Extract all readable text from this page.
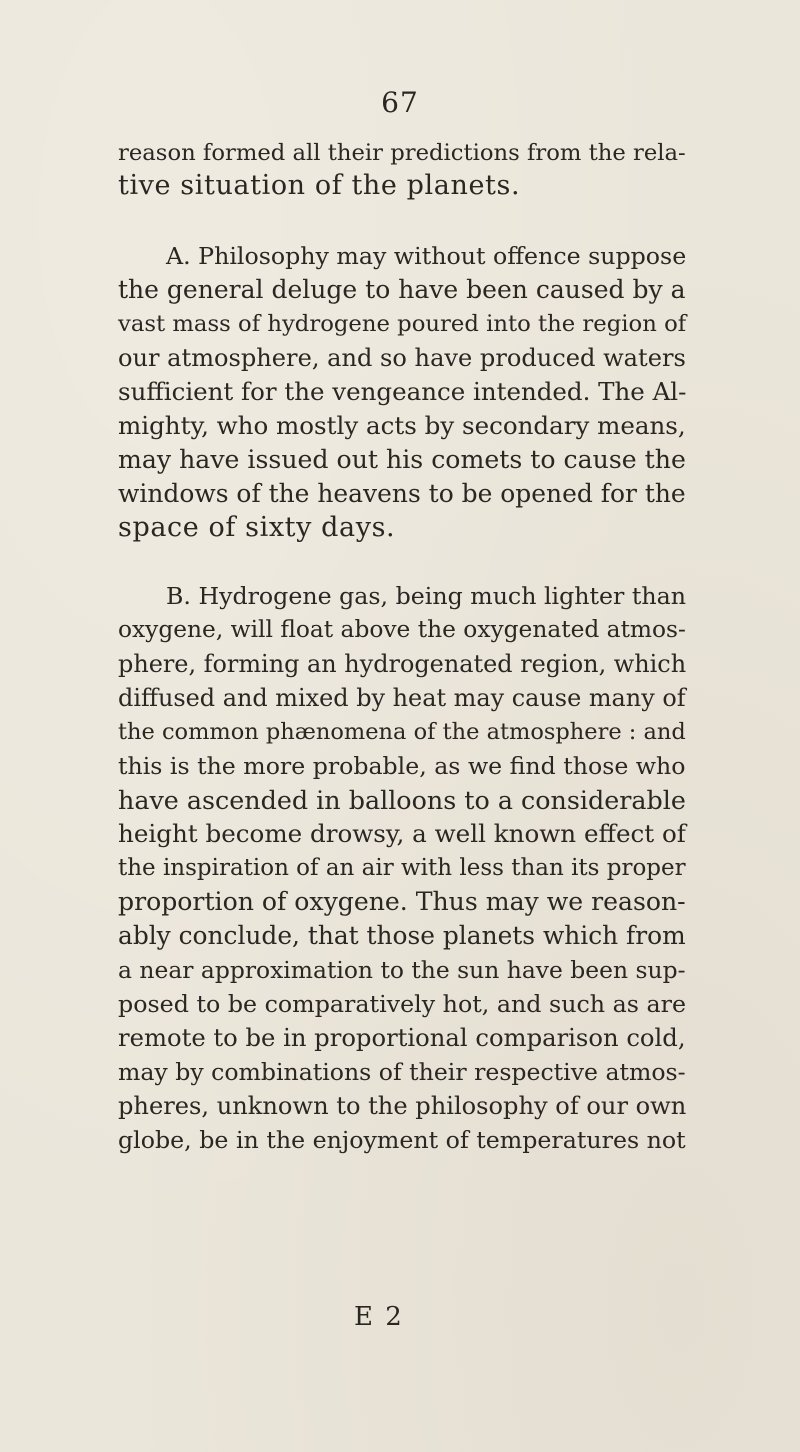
67
reason formed all their predictions from the rela-
tive situation of the planets.
A. Philosophy may without offence suppose
the general deluge to have been caused by a
vast mass of hydrogene poured into the region of
our atmosphere, and so have produced waters
sufficient for the vengeance intended. The Al-
mighty, who mostly acts by secondary means,
may have issued out his comets to cause the
windows of the heavens to be opened for the
space of sixty days.
B. Hydrogene gas, being much lighter than
oxygene, will float above the oxygenated atmos-
phere, forming an hydrogenated region, which
diffused and mixed by heat may cause many of
the common phænomena of the atmosphere : and
this is the more probable, as we find those who
have ascended in balloons to a considerable
height become drowsy, a well known effect of
the inspiration of an air with less than its proper
proportion of oxygene. Thus may we reason-
ably conclude, that those planets which from
a near approximation to the sun have been sup-
posed to be comparatively hot, and such as are
remote to be in proportional comparison cold,
may by combinations of their respective atmos-
pheres, unknown to the philosophy of our own
globe, be in the enjoyment of temperatures not
E 2
